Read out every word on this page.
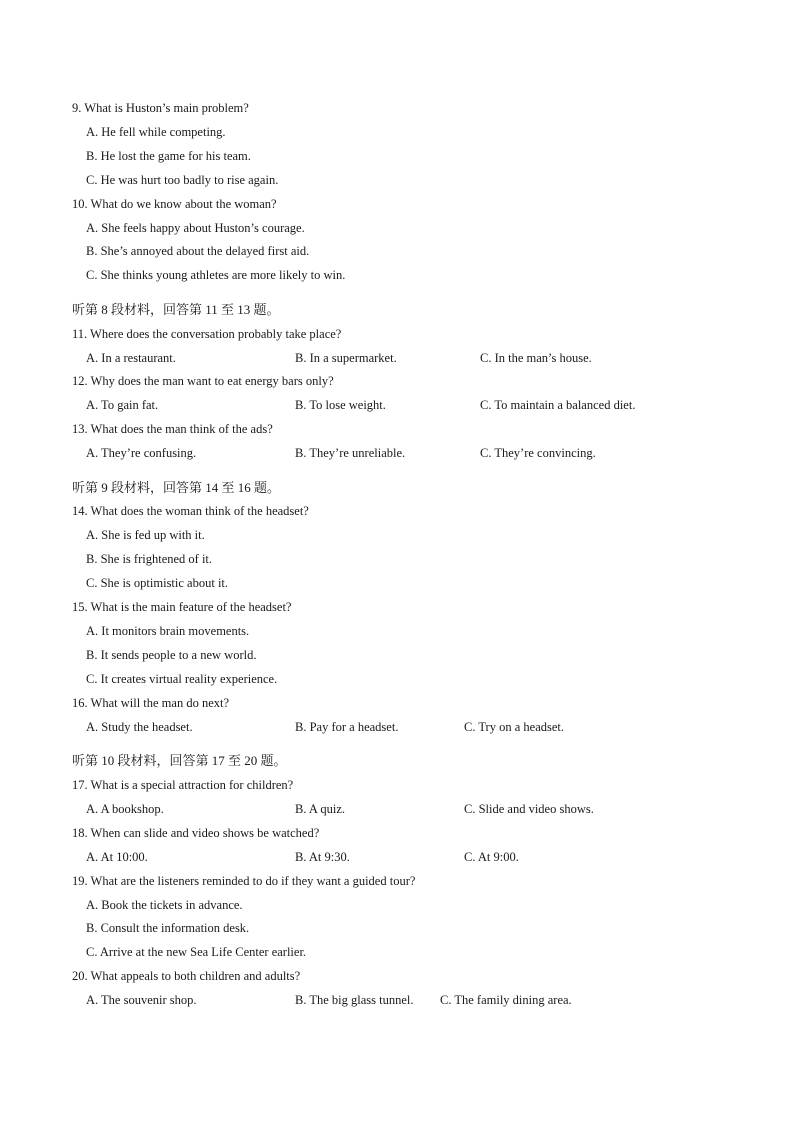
9. What is Huston’s main problem?
A. He fell while competing.
B. He lost the game for his team.
C. He was hurt too badly to rise again.
10. What do we know about the woman?
A. She feels happy about Huston’s courage.
B. She’s annoyed about the delayed first aid.
C. She thinks young athletes are more likely to win.
听第 8 段材料，回答第 11 至 13 题。
11. Where does the conversation probably take place?
A. In a restaurant.	B. In a supermarket.	C. In the man’s house.
12. Why does the man want to eat energy bars only?
A. To gain fat.	B. To lose weight.	C. To maintain a balanced diet.
13. What does the man think of the ads?
A. They’re confusing.	B. They’re unreliable.	C. They’re convincing.
听第 9 段材料，回答第 14 至 16 题。
14. What does the woman think of the headset?
A. She is fed up with it.
B. She is frightened of it.
C. She is optimistic about it.
15. What is the main feature of the headset?
A. It monitors brain movements.
B. It sends people to a new world.
C. It creates virtual reality experience.
16. What will the man do next?
A. Study the headset.	B. Pay for a headset.	C. Try on a headset.
听第 10 段材料，回答第 17 至 20 题。
17. What is a special attraction for children?
A. A bookshop.	B. A quiz.	C. Slide and video shows.
18. When can slide and video shows be watched?
A. At 10:00.	B. At 9:30.	C. At 9:00.
19. What are the listeners reminded to do if they want a guided tour?
A. Book the tickets in advance.
B. Consult the information desk.
C. Arrive at the new Sea Life Center earlier.
20. What appeals to both children and adults?
A. The souvenir shop.	B. The big glass tunnel. C. The family dining area.
